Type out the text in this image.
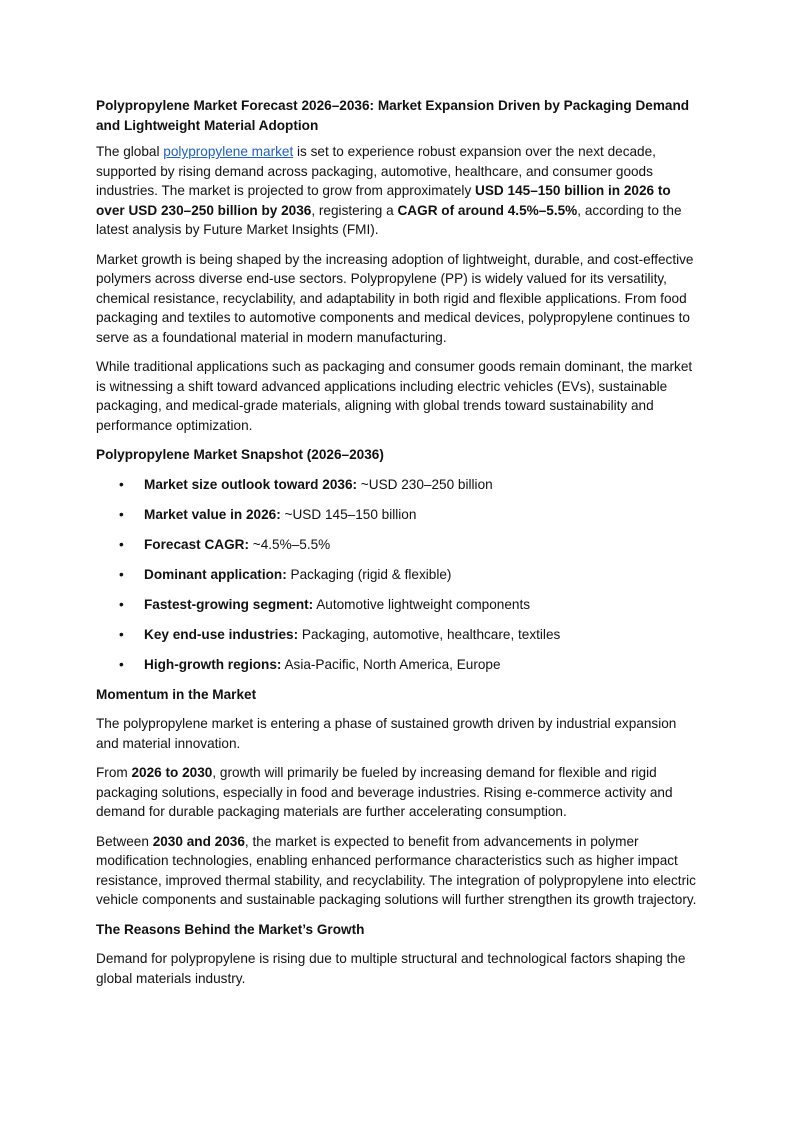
Polypropylene Market Forecast 2026–2036: Market Expansion Driven by Packaging Demand and Lightweight Material Adoption

The global polypropylene market is set to experience robust expansion over the next decade, supported by rising demand across packaging, automotive, healthcare, and consumer goods industries. The market is projected to grow from approximately USD 145–150 billion in 2026 to over USD 230–250 billion by 2036, registering a CAGR of around 4.5%–5.5%, according to the latest analysis by Future Market Insights (FMI).

Market growth is being shaped by the increasing adoption of lightweight, durable, and cost-effective polymers across diverse end-use sectors. Polypropylene (PP) is widely valued for its versatility, chemical resistance, recyclability, and adaptability in both rigid and flexible applications. From food packaging and textiles to automotive components and medical devices, polypropylene continues to serve as a foundational material in modern manufacturing.

While traditional applications such as packaging and consumer goods remain dominant, the market is witnessing a shift toward advanced applications including electric vehicles (EVs), sustainable packaging, and medical-grade materials, aligning with global trends toward sustainability and performance optimization.

Polypropylene Market Snapshot (2026–2036)
• Market size outlook toward 2036: ~USD 230–250 billion
• Market value in 2026: ~USD 145–150 billion
• Forecast CAGR: ~4.5%–5.5%
• Dominant application: Packaging (rigid & flexible)
• Fastest-growing segment: Automotive lightweight components
• Key end-use industries: Packaging, automotive, healthcare, textiles
• High-growth regions: Asia-Pacific, North America, Europe
Momentum in the Market

The polypropylene market is entering a phase of sustained growth driven by industrial expansion and material innovation.

From 2026 to 2030, growth will primarily be fueled by increasing demand for flexible and rigid packaging solutions, especially in food and beverage industries. Rising e-commerce activity and demand for durable packaging materials are further accelerating consumption.

Between 2030 and 2036, the market is expected to benefit from advancements in polymer modification technologies, enabling enhanced performance characteristics such as higher impact resistance, improved thermal stability, and recyclability. The integration of polypropylene into electric vehicle components and sustainable packaging solutions will further strengthen its growth trajectory.

The Reasons Behind the Market’s Growth

Demand for polypropylene is rising due to multiple structural and technological factors shaping the global materials industry.
